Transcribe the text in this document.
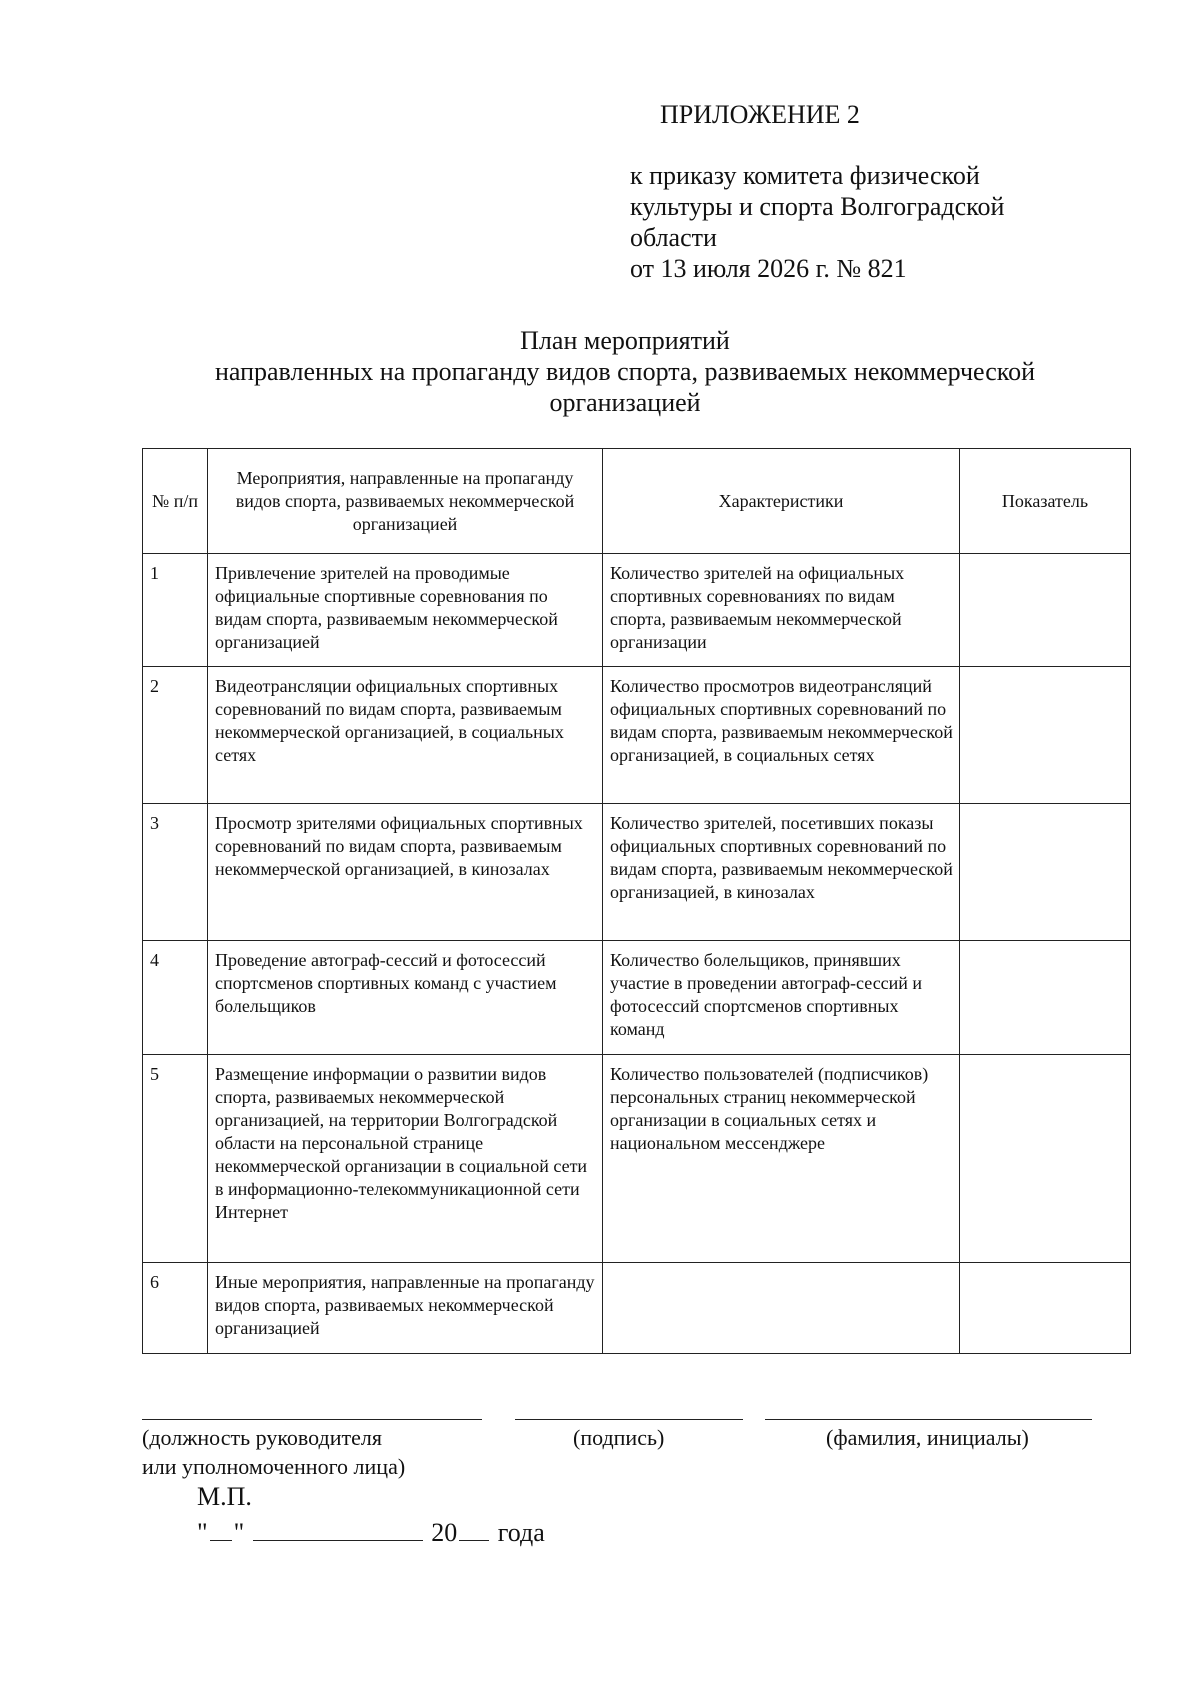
ПРИЛОЖЕНИЕ 2
к приказу комитета физической
культуры и спорта Волгоградской
области
от 13 июля 2026 г. № 821
План мероприятий
направленных на пропаганду видов спорта, развиваемых некоммерческой
организацией
№ п/п	Мероприятия, направленные на пропаганду видов спорта, развиваемых некоммерческой организацией	Характеристики	Показатель
1	Привлечение зрителей на проводимые официальные спортивные соревнования по видам спорта, развиваемым некоммерческой организацией	Количество зрителей на официальных спортивных соревнованиях по видам спорта, развиваемым некоммерческой организации	
2	Видеотрансляции официальных спортивных соревнований по видам спорта, развиваемым некоммерческой организацией, в социальных сетях	Количество просмотров видеотрансляций официальных спортивных соревнований по видам спорта, развиваемым некоммерческой организацией, в социальных сетях	
3	Просмотр зрителями официальных спортивных соревнований по видам спорта, развиваемым некоммерческой организацией, в кинозалах	Количество зрителей, посетивших показы официальных спортивных соревнований по видам спорта, развиваемым некоммерческой организацией, в кинозалах	
4	Проведение автограф-сессий и фотосессий спортсменов спортивных команд с участием болельщиков	Количество болельщиков, принявших участие в проведении автограф-сессий и фотосессий спортсменов спортивных команд	
5	Размещение информации о развитии видов спорта, развиваемых некоммерческой организацией, на территории Волгоградской области на персональной странице некоммерческой организации в социальной сети в информационно-телекоммуникационной сети Интернет	Количество пользователей (подписчиков) персональных страниц некоммерческой организации в социальных сетях и национальном мессенджере	
6	Иные мероприятия, направленные на пропаганду видов спорта, развиваемых некоммерческой организацией		
(должность руководителя
или уполномоченного лица)
(подпись)	(фамилия, инициалы)
М.П.
" "	20 года
